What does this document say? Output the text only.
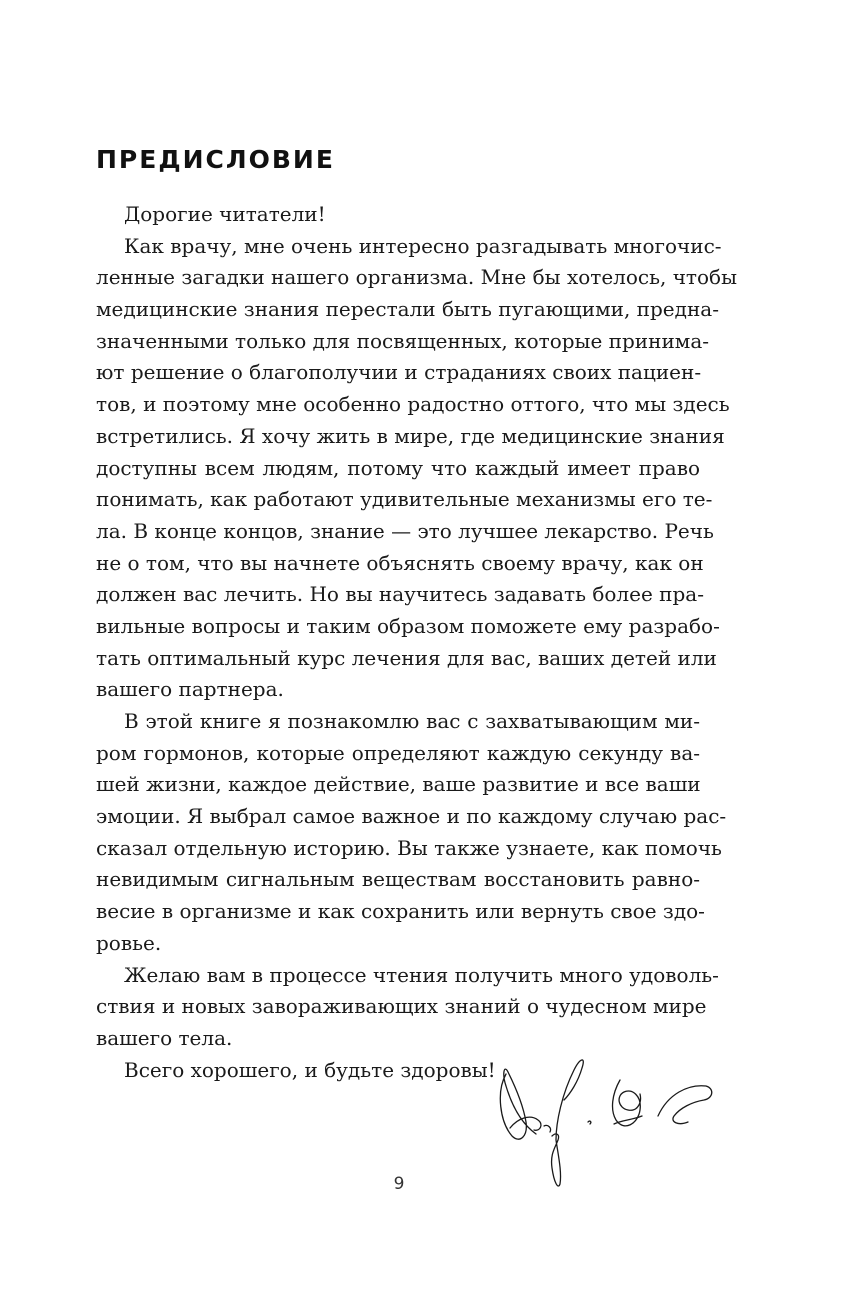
ПРЕДИСЛОВИЕ
Дорогие читатели!
Как врачу, мне очень интересно разгадывать многочис-
ленные загадки нашего организма. Мне бы хотелось, чтобы
медицинские знания перестали быть пугающими, предна-
значенными только для посвященных, которые принима-
ют решение о благополучии и страданиях своих пациен-
тов, и поэтому мне особенно радостно оттого, что мы здесь
встретились. Я хочу жить в мире, где медицинские знания
доступны всем людям, потому что каждый имеет право
понимать, как работают удивительные механизмы его те-
ла. В конце концов, знание — это лучшее лекарство. Речь
не о том, что вы начнете объяснять своему врачу, как он
должен вас лечить. Но вы научитесь задавать более пра-
вильные вопросы и таким образом поможете ему разрабо-
тать оптимальный курс лечения для вас, ваших детей или
вашего партнера.
В этой книге я познакомлю вас с захватывающим ми-
ром гормонов, которые определяют каждую секунду ва-
шей жизни, каждое действие, ваше развитие и все ваши
эмоции. Я выбрал самое важное и по каждому случаю рас-
сказал отдельную историю. Вы также узнаете, как помочь
невидимым сигнальным веществам восстановить равно-
весие в организме и как сохранить или вернуть свое здо-
ровье.
Желаю вам в процессе чтения получить много удоволь-
ствия и новых завораживающих знаний о чудесном мире
вашего тела.
Всего хорошего, и будьте здоровы!
9
